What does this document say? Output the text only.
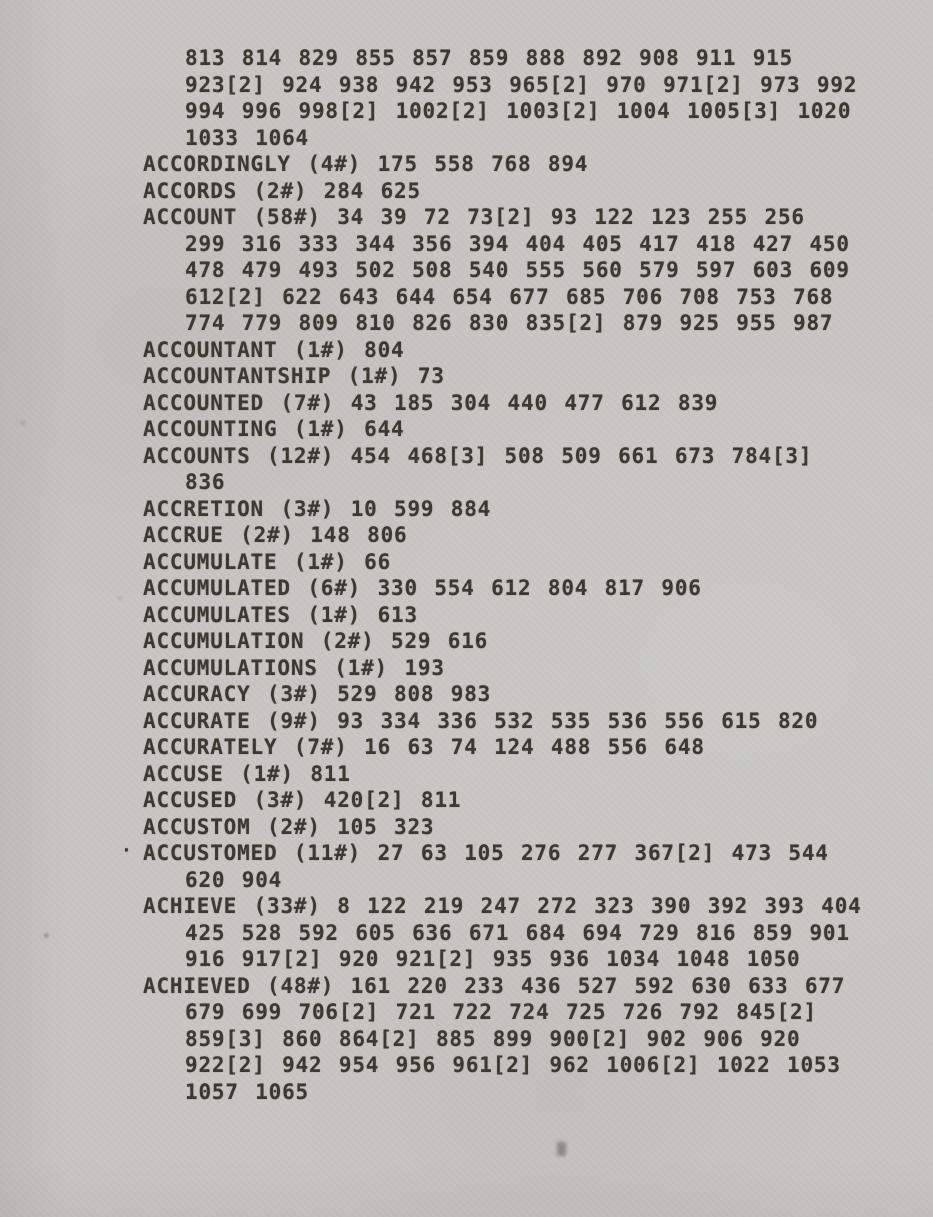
813 814 829 855 857 859 888 892 908 911 915
923[2] 924 938 942 953 965[2] 970 971[2] 973 992
994 996 998[2] 1002[2] 1003[2] 1004 1005[3] 1020
1033 1064
ACCORDINGLY (4#) 175 558 768 894
ACCORDS (2#) 284 625
ACCOUNT (58#) 34 39 72 73[2] 93 122 123 255 256
299 316 333 344 356 394 404 405 417 418 427 450
478 479 493 502 508 540 555 560 579 597 603 609
612[2] 622 643 644 654 677 685 706 708 753 768
774 779 809 810 826 830 835[2] 879 925 955 987
ACCOUNTANT (1#) 804
ACCOUNTANTSHIP (1#) 73
ACCOUNTED (7#) 43 185 304 440 477 612 839
ACCOUNTING (1#) 644
ACCOUNTS (12#) 454 468[3] 508 509 661 673 784[3]
836
ACCRETION (3#) 10 599 884
ACCRUE (2#) 148 806
ACCUMULATE (1#) 66
ACCUMULATED (6#) 330 554 612 804 817 906
ACCUMULATES (1#) 613
ACCUMULATION (2#) 529 616
ACCUMULATIONS (1#) 193
ACCURACY (3#) 529 808 983
ACCURATE (9#) 93 334 336 532 535 536 556 615 820
ACCURATELY (7#) 16 63 74 124 488 556 648
ACCUSE (1#) 811
ACCUSED (3#) 420[2] 811
ACCUSTOM (2#) 105 323
· ACCUSTOMED (11#) 27 63 105 276 277 367[2] 473 544
620 904
ACHIEVE (33#) 8 122 219 247 272 323 390 392 393 404
425 528 592 605 636 671 684 694 729 816 859 901
916 917[2] 920 921[2] 935 936 1034 1048 1050
ACHIEVED (48#) 161 220 233 436 527 592 630 633 677
679 699 706[2] 721 722 724 725 726 792 845[2]
859[3] 860 864[2] 885 899 900[2] 902 906 920
922[2] 942 954 956 961[2] 962 1006[2] 1022 1053
1057 1065
